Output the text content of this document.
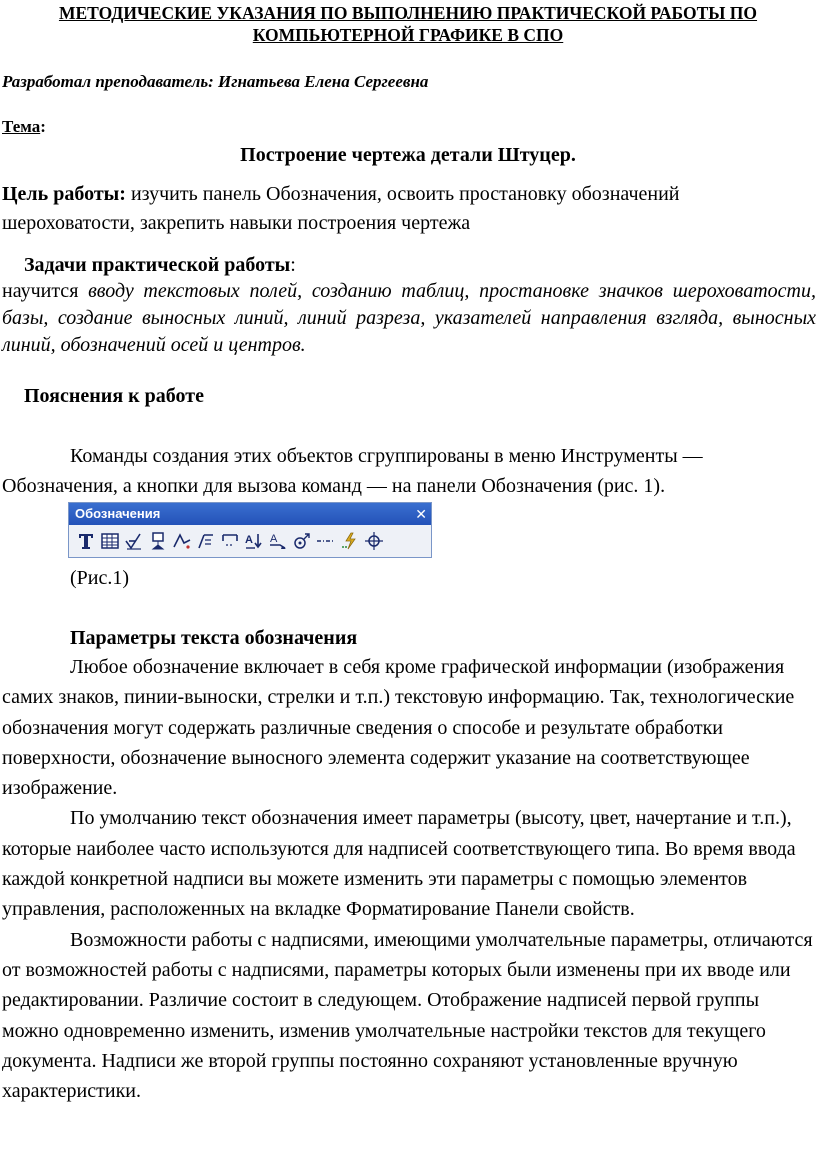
МЕТОДИЧЕСКИЕ УКАЗАНИЯ ПО ВЫПОЛНЕНИЮ ПРАКТИЧЕСКОЙ РАБОТЫ ПО
КОМПЬЮТЕРНОЙ ГРАФИКЕ В СПО
Разработал преподаватель: Игнатьева Елена Сергеевна
Тема:
Построение чертежа детали Штуцер.
Цель работы: изучить панель Обозначения, освоить простановку обозначений шероховатости, закрепить навыки построения чертежа
Задачи практической работы:
научится вводу текстовых полей, созданию таблиц, простановке значков шероховатости, базы, создание выносных линий, линий разреза, указателей направления взгляда, выносных линий, обозначений осей и центров.
Пояснения к работе
Команды создания этих объектов сгруппированы в меню Инструменты — Обозначения, а кнопки для вызова команд — на панели Обозначения (рис. 1).
Обозначения	✕
A A
(Рис.1)
Параметры текста обозначения

Любое обозначение включает в себя кроме графической информации (изображения самих знаков, пинии-выноски, стрелки и т.п.) текстовую информацию. Так, технологические обозначения могут содержать различные сведения о способе и результате обработки поверхности, обозначение выносного элемента содержит указание на соответствующее изображение.

По умолчанию текст обозначения имеет параметры (высоту, цвет, начертание и т.п.), которые наиболее часто используются для надписей соответствующего типа. Во время ввода каждой конкретной надписи вы можете изменить эти параметры с помощью элементов управления, расположенных на вкладке Форматирование Панели свойств.

Возможности работы с надписями, имеющими умолчательные параметры, отличаются от возможностей работы с надписями, параметры которых были изменены при их вводе или редактировании. Различие состоит в следующем. Отображение надписей первой группы можно одновременно изменить, изменив умолчательные настройки текстов для текущего документа. Надписи же второй группы постоянно сохраняют установленные вручную характеристики.
